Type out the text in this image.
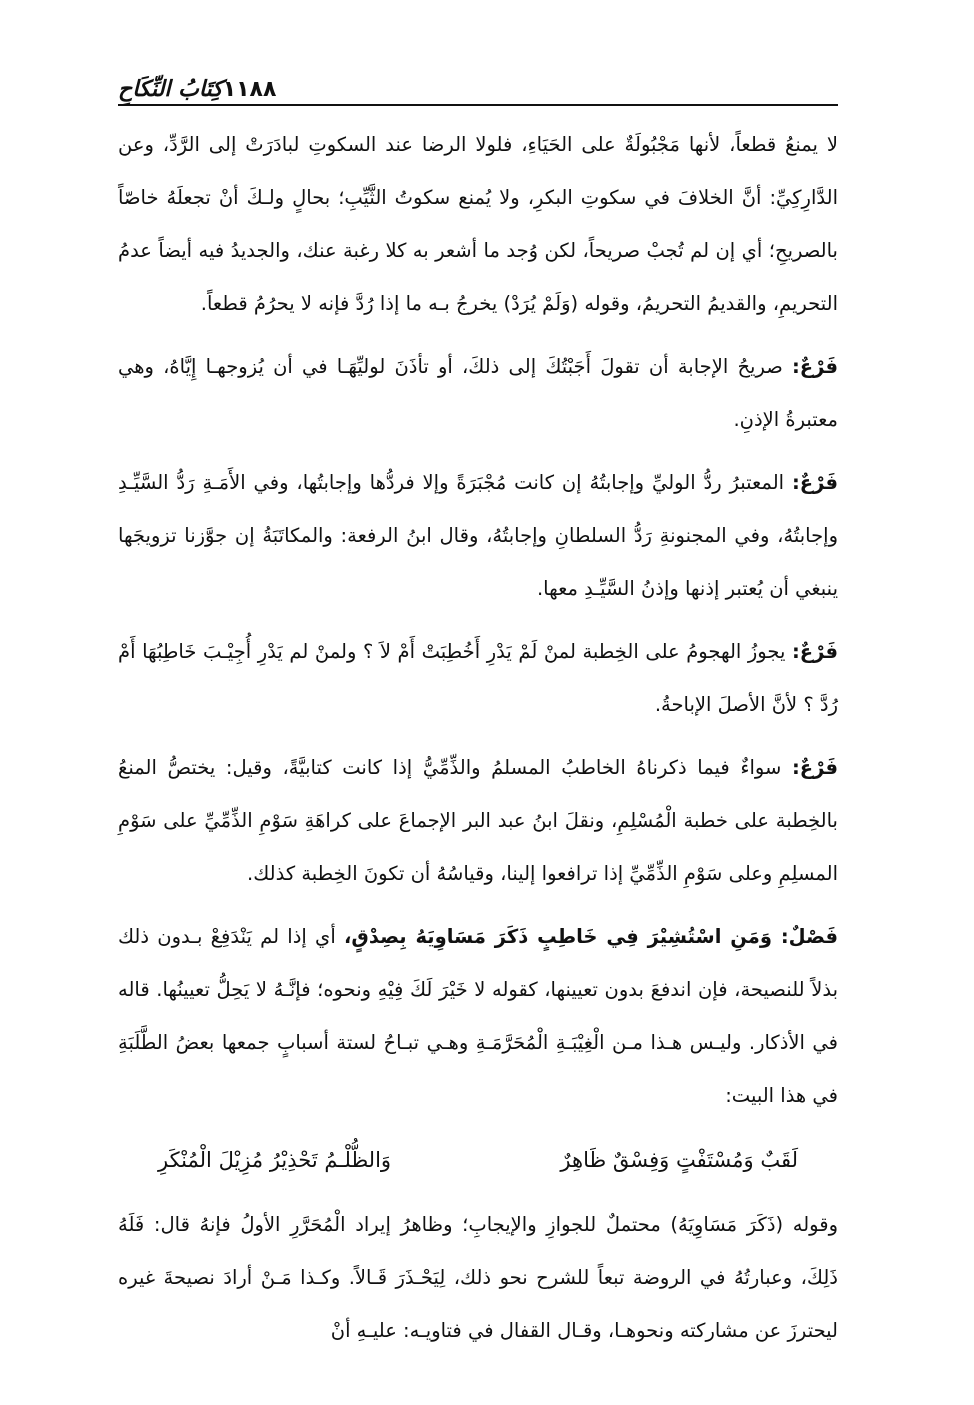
كِتَابُ النِّكَاحِ ١١٨٨

لا يمنعُ قطعاً، لأنها مَجْبُولَةٌ على الحَيَاءِ، فلولا الرضا عند السكوتِ لبادَرَتْ إلى الرَّدِّ، وعن الدَّارِكِيِّ: أنَّ الخلافَ في سكوتِ البكرِ، ولا يُمنع سكوتُ الثَّيِّبِ؛ بحالٍ ولـكَ أنْ تجعلَهُ خاصّاً بالصريحِ؛ أي إن لم تُجبْ صريحاً، لكن وُجد ما أشعر به كلا رغبة عنك، والجديدُ فيه أيضاً عدمُ التحريمِ، والقديمُ التحريمُ، وقوله (وَلَمْ يُرَدْ) يخرجُ بـه ما إذا رُدَّ فإنه لا يحرُمُ قطعاً.

فَرْعٌ: صريحُ الإجابة أن تقولَ أَجَبْتُكَ إلى ذلكَ، أو تأذَنَ لوليِّهَـا في أن يُزوجهـا إِيَّاهُ، وهي معتبرةُ الإذنِ.

فَرْعٌ: المعتبرُ ردُّ الوليِّ وإجابتُهُ إن كانت مُجْبَرَةً وإلا فردُّها وإجابتُها، وفي الأَمَـةِ رَدُّ السَّيِّـدِ وإجابتُهُ، وفي المجنونةِ رَدُّ السلطانِ وإجابتُهُ، وقال ابنُ الرفعة: والمكاتَبَةُ إن جوَّزنا تزويجَها ينبغي أن يُعتبر إذنها وإذنُ السَّيِّـدِ معها.

فَرْعٌ: يجوزُ الهجومُ على الخِطبة لمنْ لَمْ يَدْرِ أَخُطِبَتْ أَمْ لاَ ؟ ولمنْ لم يَدْرِ أُجِيْـبَ خَاطِبُهَا أَمْ رُدَّ ؟ لأنَّ الأصلَ الإباحةُ.

فَرْعٌ: سواءٌ فيما ذكرناهُ الخاطبُ المسلمُ والذِّمِّيُّ إذا كانت كتابيَّةً، وقيل: يختصُّ المنعُ بالخِطبة على خطبة الْمُسْلِمِ، ونقلَ ابنُ عبد البر الإجماعَ على كراهَةِ سَوْمِ الذِّمِّيِّ على سَوْمِ المسلِمِ وعلى سَوْمِ الذِّمِّيِّ إذا ترافعوا إلينا، وقياسُهُ أن تكونَ الخِطبة كذلك.

فَصْلٌ: وَمَنِ اسْتُشِيْرَ فِي خَاطِبٍ ذَكَرَ مَسَاوِيَهُ بِصِدْقٍ، أي إذا لم يَنْدَفِعْ بـدون ذلك بذلاً للنصيحة، فإن اندفعَ بدون تعيينها، كقوله لا خَيْرَ لَكَ فِيْهِ ونحوه؛ فإنَّـهُ لا يَحِلُّ تعيينُها. قاله في الأذكار. وليـس هـذا مـن الْغِيْبَـةِ الْمُحَرَّمَـةِ وهـي تبـاحُ لستة أسبابٍ جمعها بعضُ الطَّلَبَةِ في هذا البيت:

لَقَبٌ وَمُسْتَفْتٍ وَفِسْقٌ ظَاهِرٌ
وَالظُّلْـمُ تَحْذِيْرُ مُزِيْلَ الْمُنْكَرِ

وقوله (ذَكَرَ مَسَاوِيَهُ) محتملٌ للجوازِ والإيجابِ؛ وظاهرُ إيراد الْمُحَرَّرِ الأولُ فإنهُ قال: فَلَهُ ذَلِكَ، وعبارتُهُ في الروضة تبعاً للشرح نحو ذلك، لِيَحْـذَرَ قَـالاً. وكـذا مَـنْ أرادَ نصيحةَ غيره ليحترزَ عن مشاركته ونحوهـا، وقـال القفال في فتاويـه: عليـهِ أنْ
